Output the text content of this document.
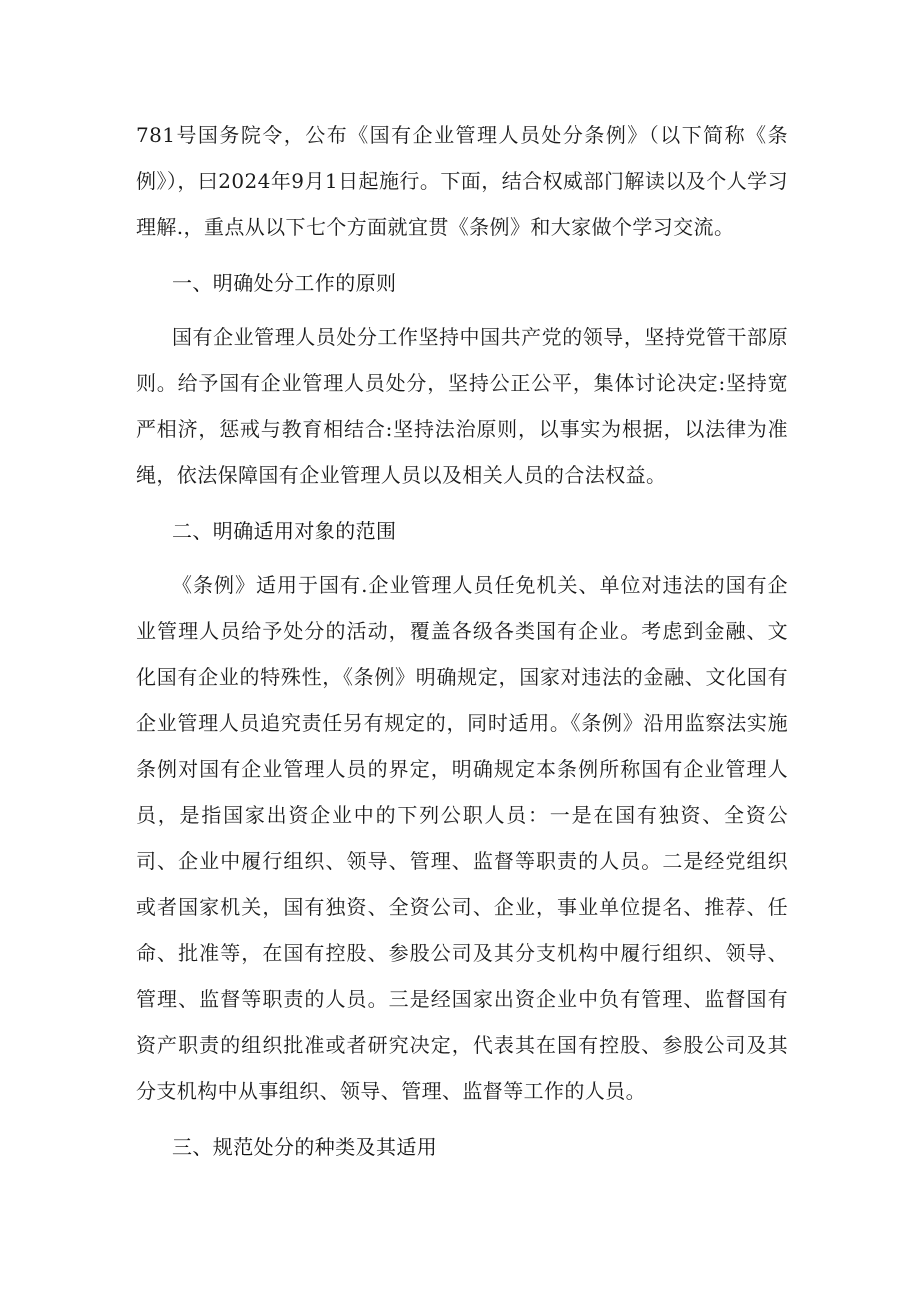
781号国务院令，公布《国有企业管理人员处分条例》（以下简称《条例》），曰2024年9月1日起施行。下面，结合权威部门解读以及个人学习理解.，重点从以下七个方面就宜贯《条例》和大家做个学习交流。

一、明确处分工作的原则

国有企业管理人员处分工作坚持中国共产党的领导，坚持党管干部原则。给予国有企业管理人员处分，坚持公正公平，集体讨论决定:坚持宽严相济，惩戒与教育相结合:坚持法治原则，以事实为根据，以法律为准绳，依法保障国有企业管理人员以及相关人员的合法权益。

二、明确适用对象的范围

《条例》适用于国有.企业管理人员任免机关、单位对违法的国有企业管理人员给予处分的活动，覆盖各级各类国有企业。考虑到金融、文化国有企业的特殊性，《条例》明确规定，国家对违法的金融、文化国有企业管理人员追究责任另有规定的，同时适用。《条例》沿用监察法实施条例对国有企业管理人员的界定，明确规定本条例所称国有企业管理人员，是指国家出资企业中的下列公职人员：一是在国有独资、全资公司、企业中履行组织、领导、管理、监督等职责的人员。二是经党组织或者国家机关，国有独资、全资公司、企业，事业单位提名、推荐、任命、批准等，在国有控股、参股公司及其分支机构中履行组织、领导、管理、监督等职责的人员。三是经国家出资企业中负有管理、监督国有资产职责的组织批准或者研究决定，代表其在国有控股、参股公司及其分支机构中从事组织、领导、管理、监督等工作的人员。

三、规范处分的种类及其适用
